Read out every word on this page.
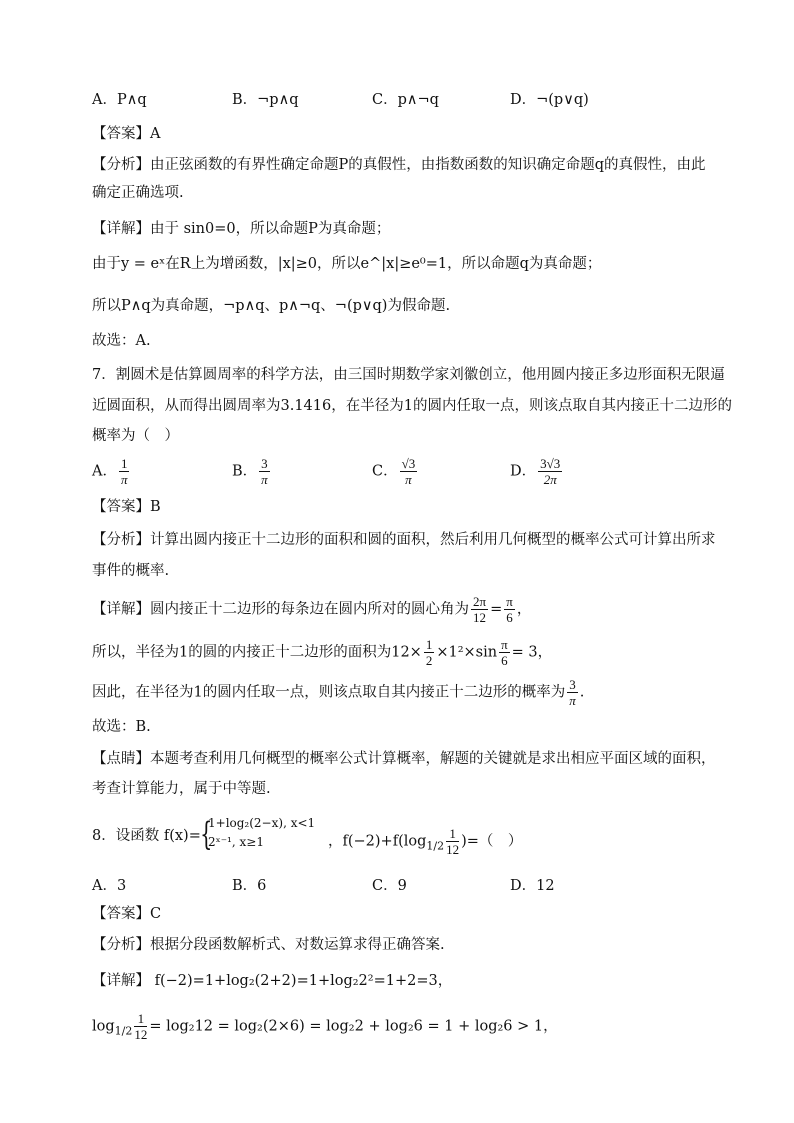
A．P∧q	B．¬p∧q	C．p∧¬q	D．¬(p∨q)
【答案】A
【分析】由正弦函数的有界性确定命题P的真假性，由指数函数的知识确定命题q的真假性，由此
确定正确选项.
【详解】由于 sin0=0，所以命题P为真命题；
由于y = eˣ在R上为增函数，|x|≥0，所以e^|x|≥e⁰=1，所以命题q为真命题；
所以P∧q为真命题，¬p∧q、p∧¬q、¬(p∨q)为假命题.
故选：A.
7．割圆术是估算圆周率的科学方法，由三国时期数学家刘徽创立，他用圆内接正多边形面积无限逼
近圆面积，从而得出圆周率为3.1416，在半径为1的圆内任取一点，则该点取自其内接正十二边形的
概率为（　）
A． $\frac{1}{\pi}$	B． $\frac{3}{\pi}$	C． $\frac{√3}{\pi}$	D． $\frac{3√3}{2\pi}$
【答案】B
【分析】计算出圆内接正十二边形的面积和圆的面积，然后利用几何概型的概率公式可计算出所求
事件的概率.
【详解】圆内接正十二边形的每条边在圆内所对的圆心角为 $\frac{2\pi}{12} = \frac{\pi}{6}$ ，
所以，半径为1的圆的内接正十二边形的面积为$12\times \frac{1}{2} \times 1^2\times\sin \frac{\pi}{6} = 3$，
因此，在半径为1的圆内任取一点，则该点取自其内接正十二边形的概率为 $\frac{3}{\pi}$ .
故选：B.
【点睛】本题考查利用几何概型的概率公式计算概率，解题的关键就是求出相应平面区域的面积，
考查计算能力，属于中等题.
8．设函数 f(x)= {
1+log₂(2−x), x<1
2ˣ⁻¹, x≥1	，$f(-2)+f(\log_{1/2} \frac{1}{12}$ )=（　）
A．3	B．6	C．9	D．12
【答案】C
【分析】根据分段函数解析式、对数运算求得正确答案.
【详解】 f(−2)=1+log₂(2+2)=1+log₂2²=1+2=3，
$\log_{1/2} \frac{1}{12} = \log_212 = \log_2(2\times 6) = \log_22 + \log_26 = 1 + \log_26 > 1$，
